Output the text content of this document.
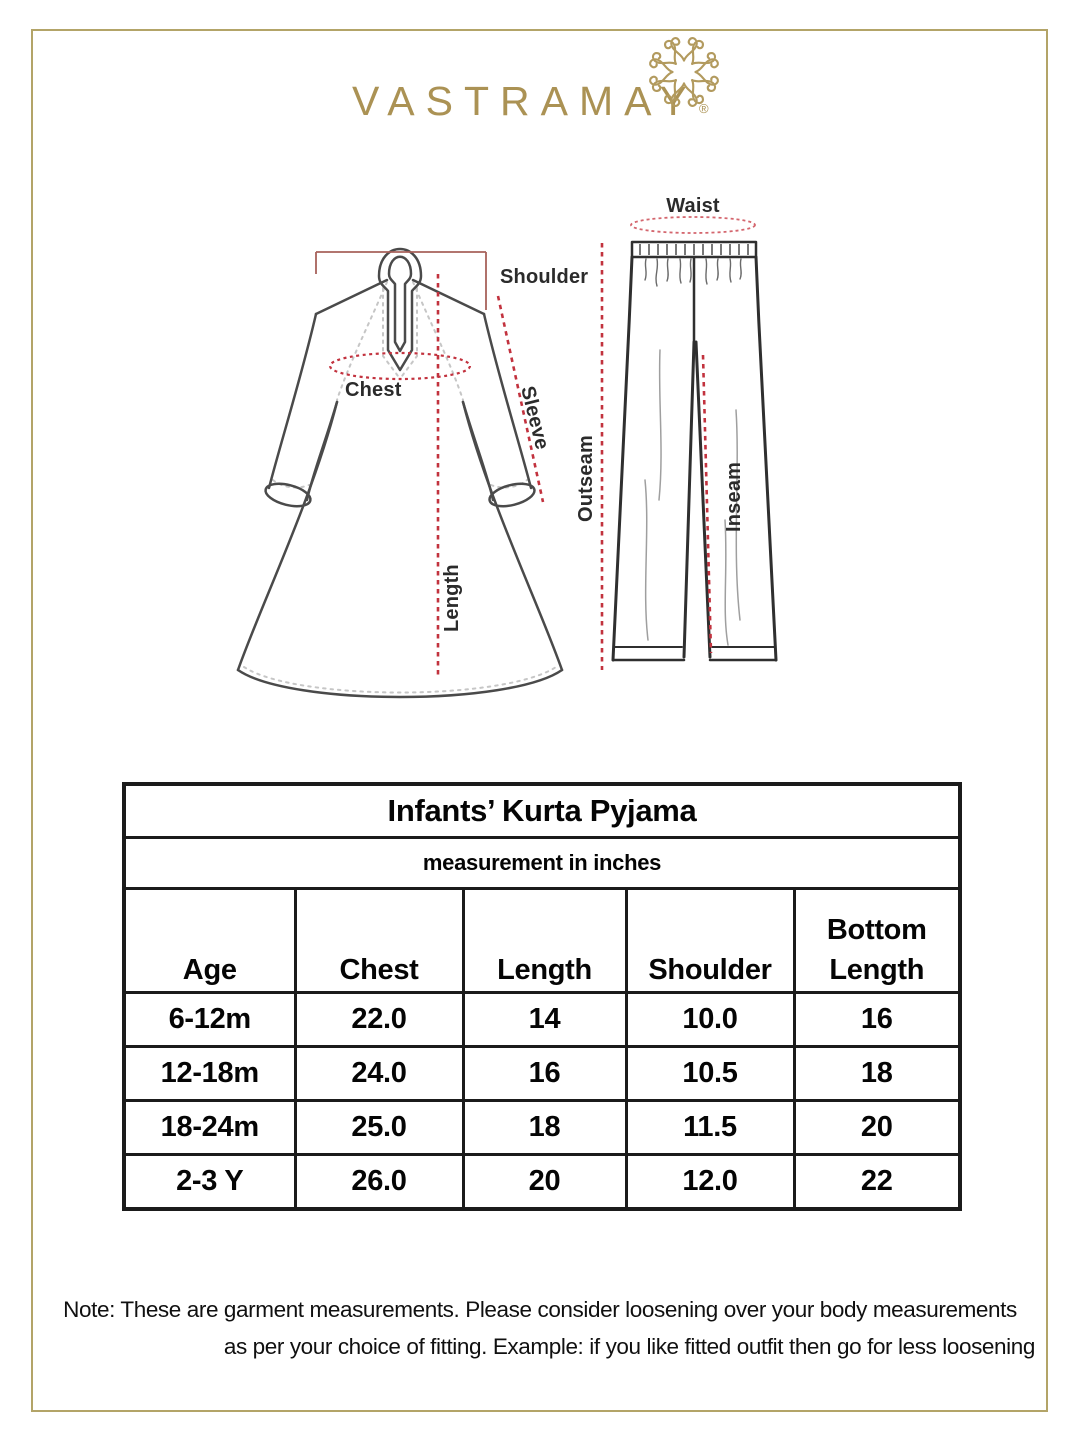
VASTRAMAY ®
Shoulder
Chest
Length
Sleeve
Waist
Outseam	Inseam
Infants’ Kurta Pyjama				
measurement in inches				
Age	Chest	Length	Shoulder	Bottom Length
6-12m	22.0	14	10.0	16
12-18m	24.0	16	10.5	18
18-24m	25.0	18	11.5	20
2-3 Y	26.0	20	12.0	22
Note: These are garment measurements. Please consider loosening over your body measurements
as per your choice of fitting. Example: if you like fitted outfit then go for less loosening
